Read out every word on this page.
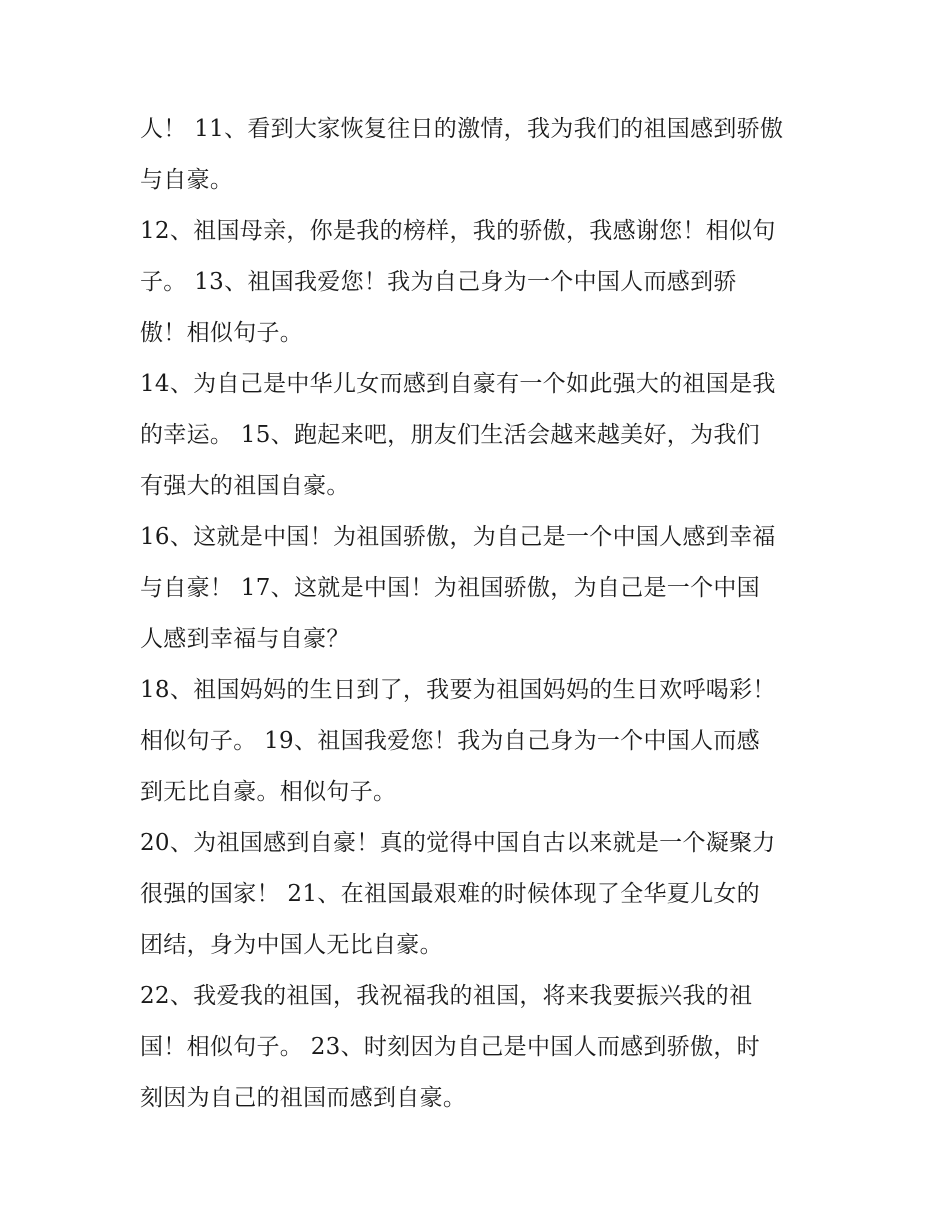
人！ 11、看到大家恢复往日的激情，我为我们的祖国感到骄傲
与自豪。
12、祖国母亲，你是我的榜样，我的骄傲，我感谢您！相似句
子。 13、祖国我爱您！我为自己身为一个中国人而感到骄
傲！相似句子。
14、为自己是中华儿女而感到自豪有一个如此强大的祖国是我
的幸运。 15、跑起来吧，朋友们生活会越来越美好，为我们
有强大的祖国自豪。
16、这就是中国！为祖国骄傲，为自己是一个中国人感到幸福
与自豪！ 17、这就是中国！为祖国骄傲，为自己是一个中国
人感到幸福与自豪？
18、祖国妈妈的生日到了，我要为祖国妈妈的生日欢呼喝彩！
相似句子。 19、祖国我爱您！我为自己身为一个中国人而感
到无比自豪。相似句子。
20、为祖国感到自豪！真的觉得中国自古以来就是一个凝聚力
很强的国家！ 21、在祖国最艰难的时候体现了全华夏儿女的
团结，身为中国人无比自豪。
22、我爱我的祖国，我祝福我的祖国，将来我要振兴我的祖
国！相似句子。 23、时刻因为自己是中国人而感到骄傲，时
刻因为自己的祖国而感到自豪。
